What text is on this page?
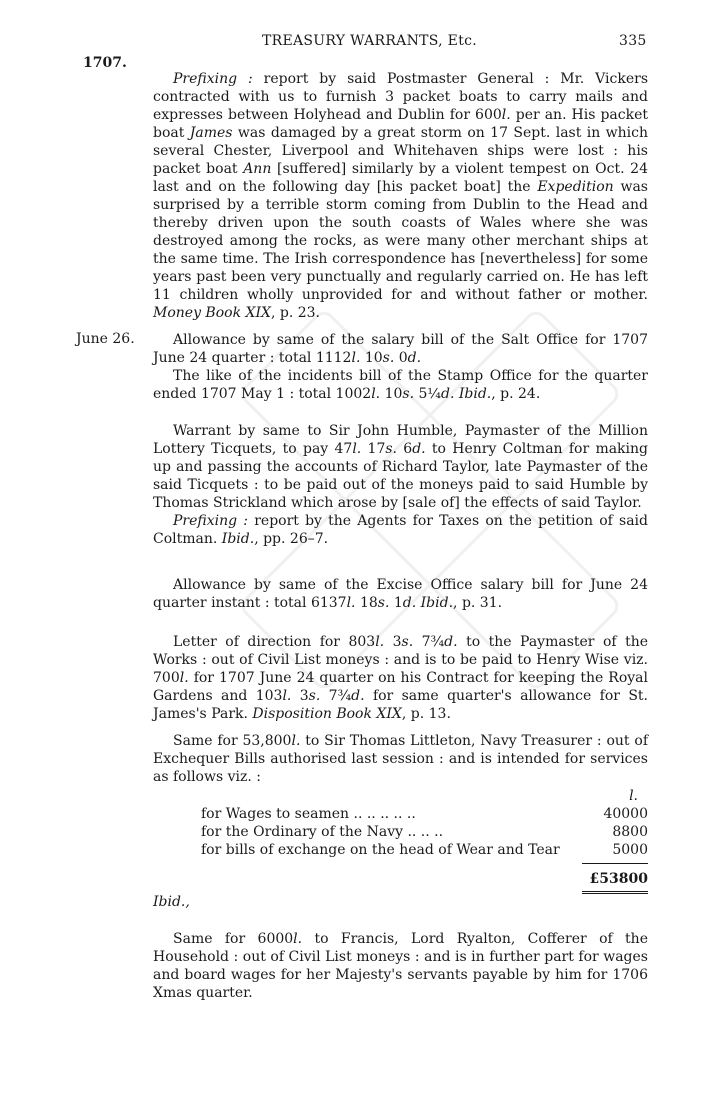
TREASURY WARRANTS, Etc.	335
1707.
June 26.

Prefixing : report by said Postmaster General : Mr. Vickers contracted with us to furnish 3 packet boats to carry mails and expresses between Holyhead and Dublin for 600l. per an. His packet boat James was damaged by a great storm on 17 Sept. last in which several Chester, Liverpool and Whitehaven ships were lost : his packet boat Ann [suffered] similarly by a violent tempest on Oct. 24 last and on the following day [his packet boat] the Expedition was surprised by a terrible storm coming from Dublin to the Head and thereby driven upon the south coasts of Wales where she was destroyed among the rocks, as were many other merchant ships at the same time. The Irish correspondence has [nevertheless] for some years past been very punctually and regularly carried on. He has left 11 children wholly unprovided for and without father or mother. Money Book XIX, p. 23.

Allowance by same of the salary bill of the Salt Office for 1707 June 24 quarter : total 1112l. 10s. 0d.

The like of the incidents bill of the Stamp Office for the quarter ended 1707 May 1 : total 1002l. 10s. 5¼d. Ibid., p. 24.

Warrant by same to Sir John Humble, Paymaster of the Million Lottery Ticquets, to pay 47l. 17s. 6d. to Henry Coltman for making up and passing the accounts of Richard Taylor, late Paymaster of the said Ticquets : to be paid out of the moneys paid to said Humble by Thomas Strickland which arose by [sale of] the effects of said Taylor.

Prefixing : report by the Agents for Taxes on the petition of said Coltman. Ibid., pp. 26–7.

Allowance by same of the Excise Office salary bill for June 24 quarter instant : total 6137l. 18s. 1d. Ibid., p. 31.

Letter of direction for 803l. 3s. 7¾d. to the Paymaster of the Works : out of Civil List moneys : and is to be paid to Henry Wise viz. 700l. for 1707 June 24 quarter on his Contract for keeping the Royal Gardens and 103l. 3s. 7¾d. for same quarter's allowance for St. James's Park. Disposition Book XIX, p. 13.

Same for 53,800l. to Sir Thomas Littleton, Navy Treasurer : out of Exchequer Bills authorised last session : and is intended for services as follows viz. :

l.
for Wages to seamen .. .. .. .. ..	40000
for the Ordinary of the Navy .. .. ..	8800
for bills of exchange on the head of Wear and Tear	5000
£53800
Ibid.,

Same for 6000l. to Francis, Lord Ryalton, Cofferer of the Household : out of Civil List moneys : and is in further part for wages and board wages for her Majesty's servants payable by him for 1706 Xmas quarter.
